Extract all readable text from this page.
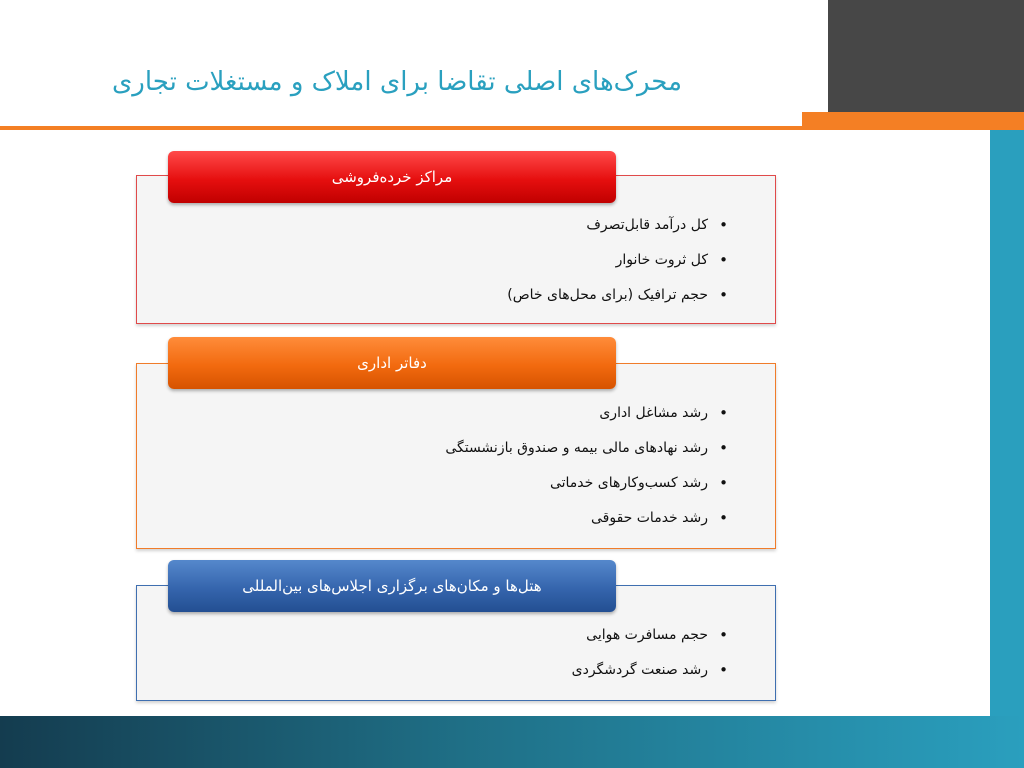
محرک‌های اصلی تقاضا برای املاک و مستغلات تجاری
مراکز خرده‌فروشی
• کل درآمد قابل‌تصرف
• کل ثروت خانوار
• حجم ترافیک (برای محل‌های خاص)
دفاتر اداری
• رشد مشاغل اداری
• رشد نهادهای مالی بیمه و صندوق بازنشستگی
• رشد کسب‌وکارهای خدماتی
• رشد خدمات حقوقی
هتل‌ها و مکان‌های برگزاری اجلاس‌های بین‌المللی
• حجم مسافرت هوایی
• رشد صنعت گردشگردی
